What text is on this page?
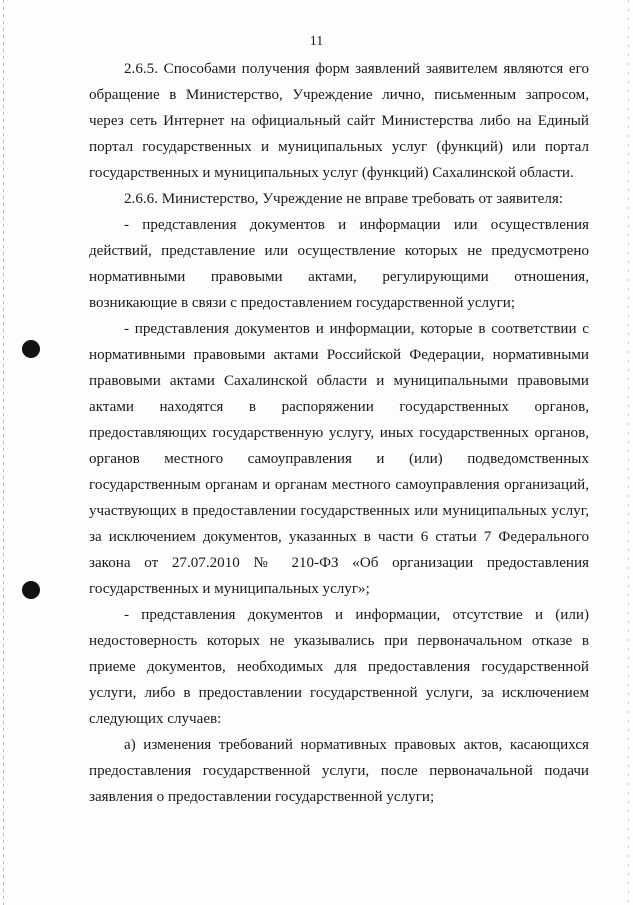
11

2.6.5. Способами получения форм заявлений заявителем являются его обращение в Министерство, Учреждение лично, письменным запросом, через сеть Интернет на официальный сайт Министерства либо на Единый портал государственных и муниципальных услуг (функций) или портал государственных и муниципальных услуг (функций) Сахалинской области.

2.6.6. Министерство, Учреждение не вправе требовать от заявителя:

- представления документов и информации или осуществления действий, представление или осуществление которых не предусмотрено нормативными правовыми актами, регулирующими отношения, возникающие в связи с предоставлением государственной услуги;

- представления документов и информации, которые в соответствии с нормативными правовыми актами Российской Федерации, нормативными правовыми актами Сахалинской области и муниципальными правовыми актами находятся в распоряжении государственных органов, предоставляющих государственную услугу, иных государственных органов, органов местного самоуправления и (или) подведомственных государственным органам и органам местного самоуправления организаций, участвующих в предоставлении государственных или муниципальных услуг, за исключением документов, указанных в части 6 статьи 7 Федерального закона от 27.07.2010 № 210-ФЗ «Об организации предоставления государственных и муниципальных услуг»;

- представления документов и информации, отсутствие и (или) недостоверность которых не указывались при первоначальном отказе в приеме документов, необходимых для предоставления государственной услуги, либо в предоставлении государственной услуги, за исключением следующих случаев:

а) изменения требований нормативных правовых актов, касающихся предоставления государственной услуги, после первоначальной подачи заявления о предоставлении государственной услуги;
